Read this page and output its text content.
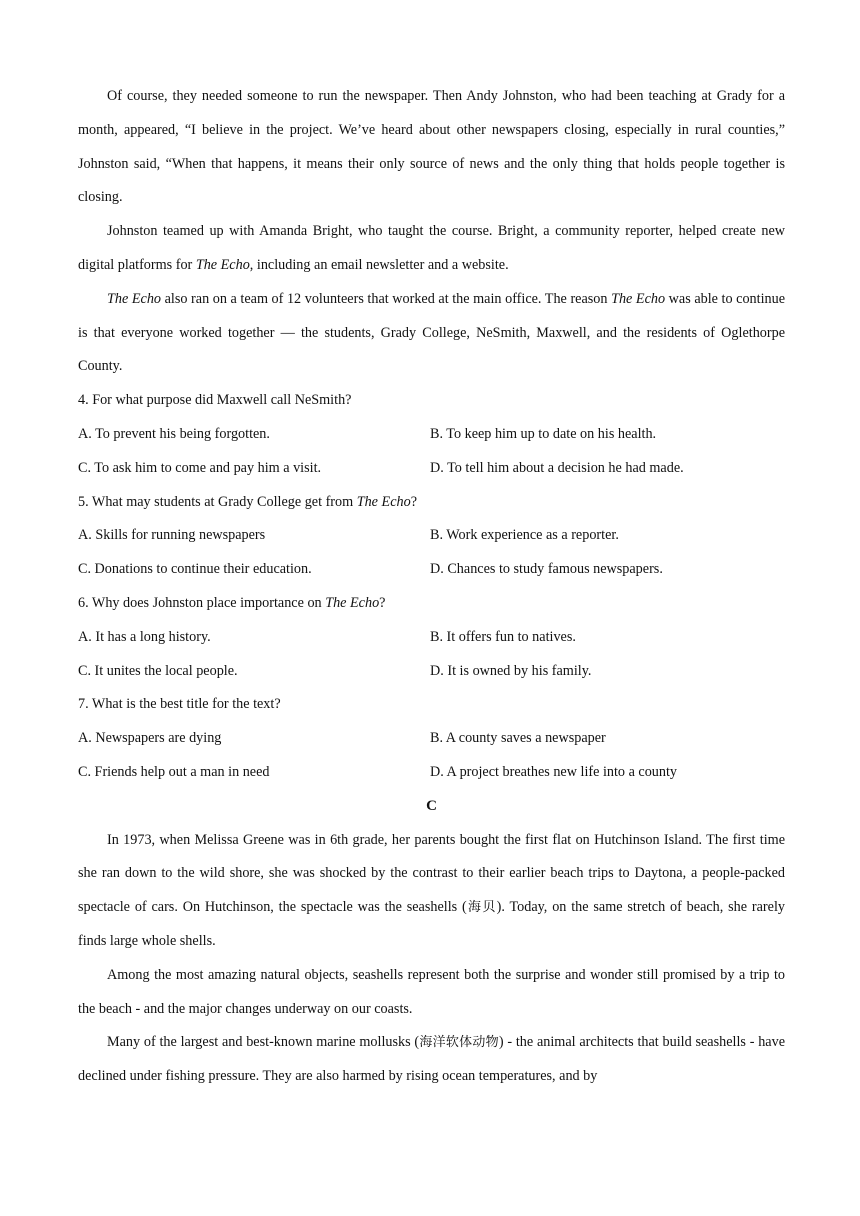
Of course, they needed someone to run the newspaper. Then Andy Johnston, who had been teaching at Grady for a month, appeared, “I believe in the project. We’ve heard about other newspapers closing, especially in rural counties,” Johnston said, “When that happens, it means their only source of news and the only thing that holds people together is closing.

Johnston teamed up with Amanda Bright, who taught the course. Bright, a community reporter, helped create new digital platforms for The Echo, including an email newsletter and a website.

The Echo also ran on a team of 12 volunteers that worked at the main office. The reason The Echo was able to continue is that everyone worked together — the students, Grady College, NeSmith, Maxwell, and the residents of Oglethorpe County.

4. For what purpose did Maxwell call NeSmith?

A. To prevent his being forgotten.	B. To keep him up to date on his health.
C. To ask him to come and pay him a visit.	D. To tell him about a decision he had made.

5. What may students at Grady College get from The Echo?

A. Skills for running newspapers	B. Work experience as a reporter.
C. Donations to continue their education.	D. Chances to study famous newspapers.

6. Why does Johnston place importance on The Echo?

A. It has a long history.	B. It offers fun to natives.
C. It unites the local people.	D. It is owned by his family.

7. What is the best title for the text?

A. Newspapers are dying	B. A county saves a newspaper
C. Friends help out a man in need	D. A project breathes new life into a county

C

In 1973, when Melissa Greene was in 6th grade, her parents bought the first flat on Hutchinson Island. The first time she ran down to the wild shore, she was shocked by the contrast to their earlier beach trips to Daytona, a people-packed spectacle of cars. On Hutchinson, the spectacle was the seashells (海贝). Today, on the same stretch of beach, she rarely finds large whole shells.

Among the most amazing natural objects, seashells represent both the surprise and wonder still promised by a trip to the beach - and the major changes underway on our coasts.

Many of the largest and best-known marine mollusks (海洋软体动物) - the animal architects that build seashells - have declined under fishing pressure. They are also harmed by rising ocean temperatures, and by
